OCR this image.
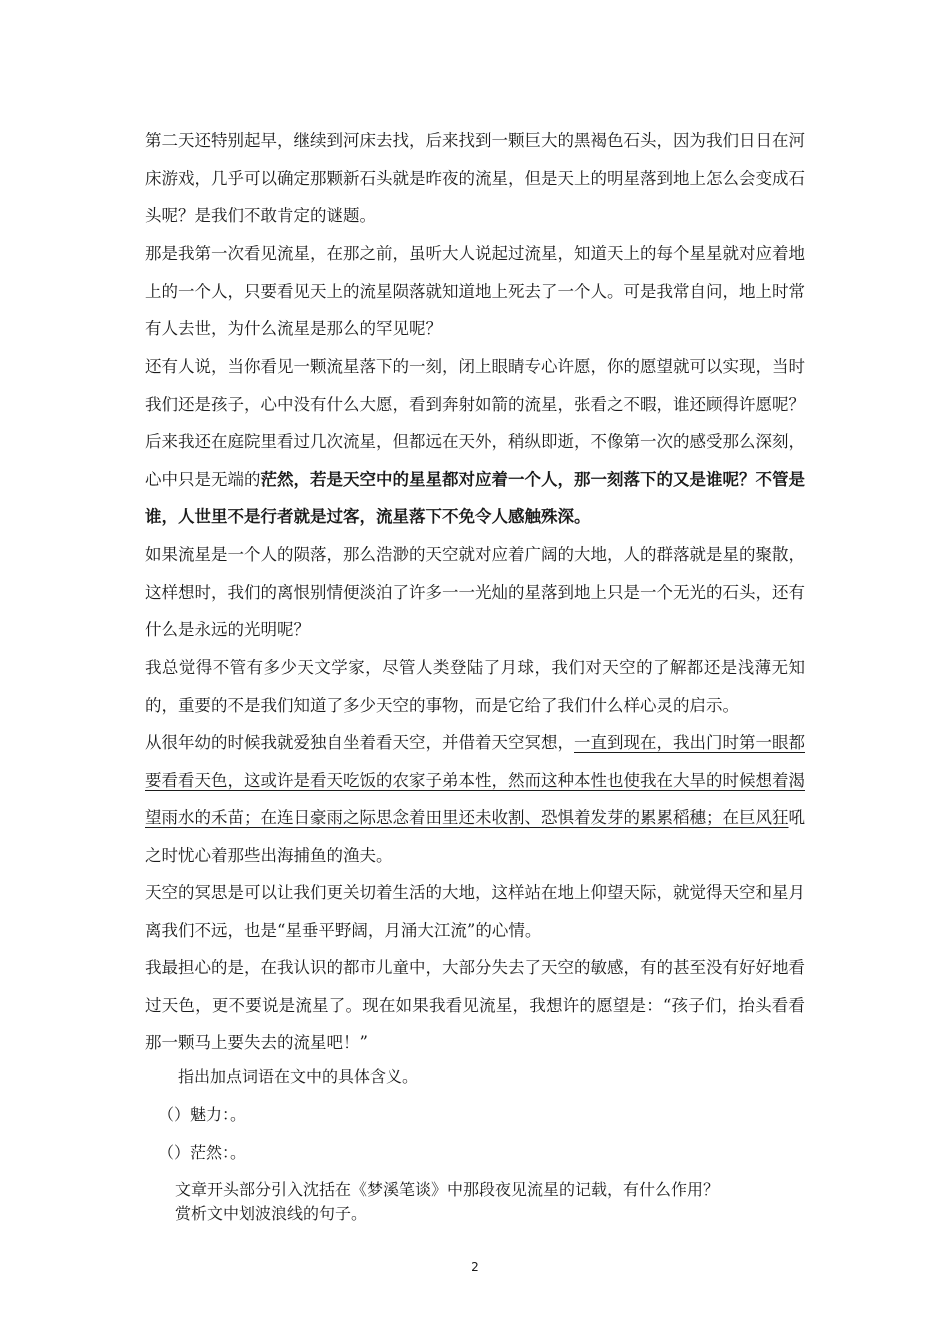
第二天还特别起早，继续到河床去找，后来找到一颗巨大的黑褐色石头，因为我们日日在河床游戏，几乎可以确定那颗新石头就是昨夜的流星，但是天上的明星落到地上怎么会变成石头呢？是我们不敢肯定的谜题。

那是我第一次看见流星，在那之前，虽听大人说起过流星，知道天上的每个星星就对应着地上的一个人，只要看见天上的流星陨落就知道地上死去了一个人。可是我常自问，地上时常有人去世，为什么流星是那么的罕见呢？

还有人说，当你看见一颗流星落下的一刻，闭上眼睛专心许愿，你的愿望就可以实现，当时我们还是孩子，心中没有什么大愿，看到奔射如箭的流星，张看之不暇，谁还顾得许愿呢？后来我还在庭院里看过几次流星，但都远在天外，稍纵即逝，不像第一次的感受那么深刻，心中只是无端的茫然，若是天空中的星星都对应着一个人，那一刻落下的又是谁呢？不管是谁，人世里不是行者就是过客，流星落下不免令人感触殊深。

如果流星是一个人的陨落，那么浩渺的天空就对应着广阔的大地，人的群落就是星的聚散，这样想时，我们的离恨别情便淡泊了许多一一光灿的星落到地上只是一个无光的石头，还有什么是永远的光明呢？

我总觉得不管有多少天文学家，尽管人类登陆了月球，我们对天空的了解都还是浅薄无知的，重要的不是我们知道了多少天空的事物，而是它给了我们什么样心灵的启示。

从很年幼的时候我就爱独自坐着看天空，并借着天空冥想，一直到现在，我出门时第一眼都要看看天色，这或许是看天吃饭的农家子弟本性，然而这种本性也使我在大旱的时候想着渴望雨水的禾苗；在连日豪雨之际思念着田里还未收割、恐惧着发芽的累累稻穗；在巨风狂吼之时忧心着那些出海捕鱼的渔夫。

天空的冥思是可以让我们更关切着生活的大地，这样站在地上仰望天际，就觉得天空和星月离我们不远，也是“星垂平野阔，月涌大江流”的心情。

我最担心的是，在我认识的都市儿童中，大部分失去了天空的敏感，有的甚至没有好好地看过天色，更不要说是流星了。现在如果我看见流星，我想许的愿望是：“孩子们，抬头看看那一颗马上要失去的流星吧！”

指出加点词语在文中的具体含义。

（）魅力：。

（）茫然：。

文章开头部分引入沈括在《梦溪笔谈》中那段夜见流星的记载，有什么作用？

赏析文中划波浪线的句子。

2
